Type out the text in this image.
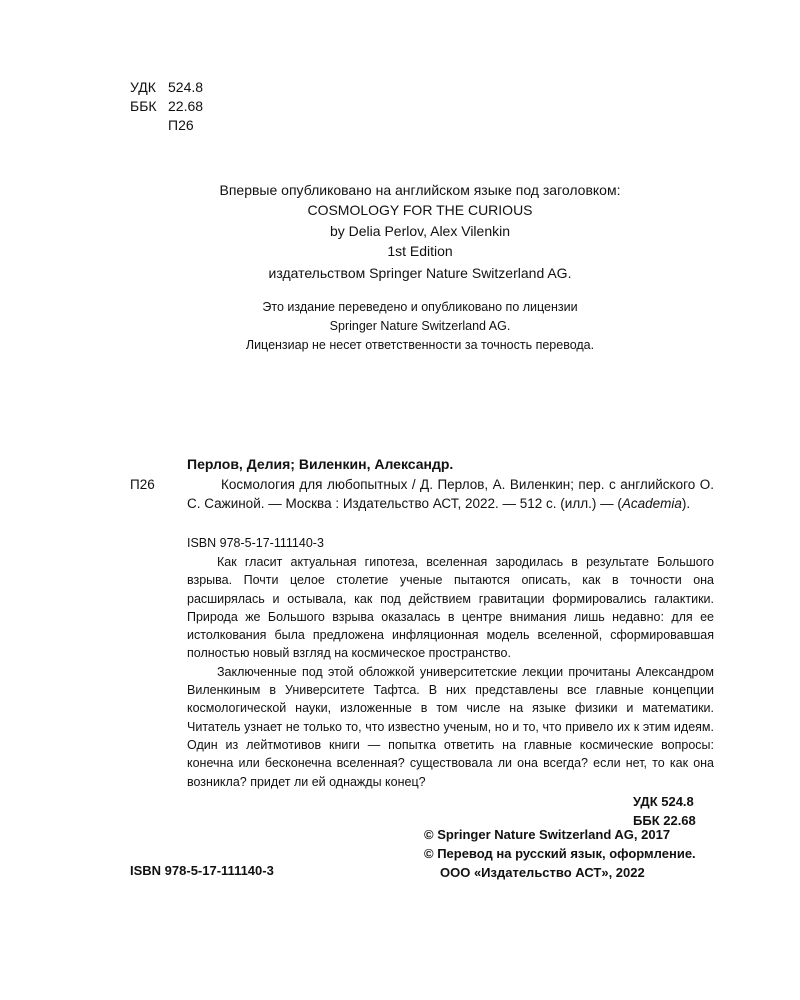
УДК 524.8
ББК 22.68
П26
Впервые опубликовано на английском языке под заголовком:
COSMOLOGY FOR THE CURIOUS
by Delia Perlov, Alex Vilenkin
1st Edition
издательством Springer Nature Switzerland AG.
Это издание переведено и опубликовано по лицензии
Springer Nature Switzerland AG.
Лицензиар не несет ответственности за точность перевода.
Перлов, Делия; Виленкин, Александр.
П26	Космология для любопытных / Д. Перлов, А. Виленкин; пер. с английского О. С. Сажиной. — Москва : Издательство АСТ, 2022. — 512 с. (илл.) — (Academia).
ISBN 978-5-17-111140-3

Как гласит актуальная гипотеза, вселенная зародилась в результате Большого взрыва. Почти целое столетие ученые пытаются описать, как в точности она расширялась и остывала, как под действием гравитации формировались галактики. Природа же Большого взрыва оказалась в центре внимания лишь недавно: для ее истолкования была предложена инфляционная модель вселенной, сформировавшая полностью новый взгляд на космическое пространство.

Заключенные под этой обложкой университетские лекции прочитаны Александром Виленкиным в Университете Тафтса. В них представлены все главные концепции космологической науки, изложенные в том числе на языке физики и математики. Читатель узнает не только то, что известно ученым, но и то, что привело их к этим идеям. Один из лейтмотивов книги — попытка ответить на главные космические вопросы: конечна или бесконечна вселенная? существовала ли она всегда? если нет, то как она возникла? придет ли ей однажды конец?

УДК 524.8
ББК 22.68
© Springer Nature Switzerland AG, 2017
© Перевод на русский язык, оформление.
ООО «Издательство АСТ», 2022
ISBN 978-5-17-111140-3
